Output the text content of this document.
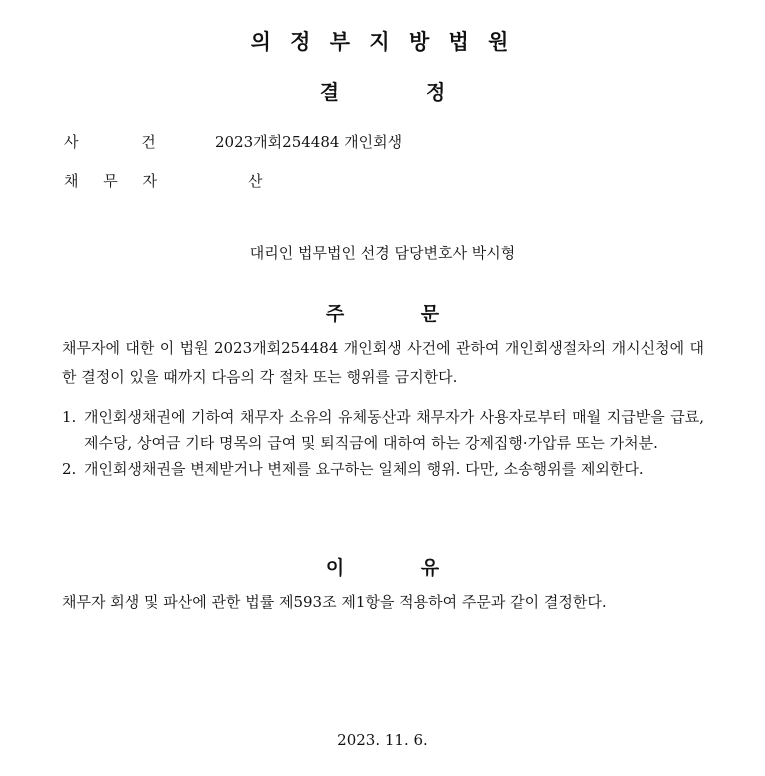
의 정 부 지 방 법 원
결 정
사 건	2023개회254484 개인회생
채 무 자	산
대리인 법무법인 선경 담당변호사 박시형
주 문
채무자에 대한 이 법원 2023개회254484 개인회생 사건에 관하여 개인회생절차의 개시신청에 대한 결정이 있을 때까지 다음의 각 절차 또는 행위를 금지한다.
1. 개인회생채권에 기하여 채무자 소유의 유체동산과 채무자가 사용자로부터 매월 지급받을 급료, 제수당, 상여금 기타 명목의 급여 및 퇴직금에 대하여 하는 강제집행·가압류 또는 가처분.
2. 개인회생채권을 변제받거나 변제를 요구하는 일체의 행위. 다만, 소송행위를 제외한다.
이 유
채무자 회생 및 파산에 관한 법률 제593조 제1항을 적용하여 주문과 같이 결정한다.
2023. 11. 6.
